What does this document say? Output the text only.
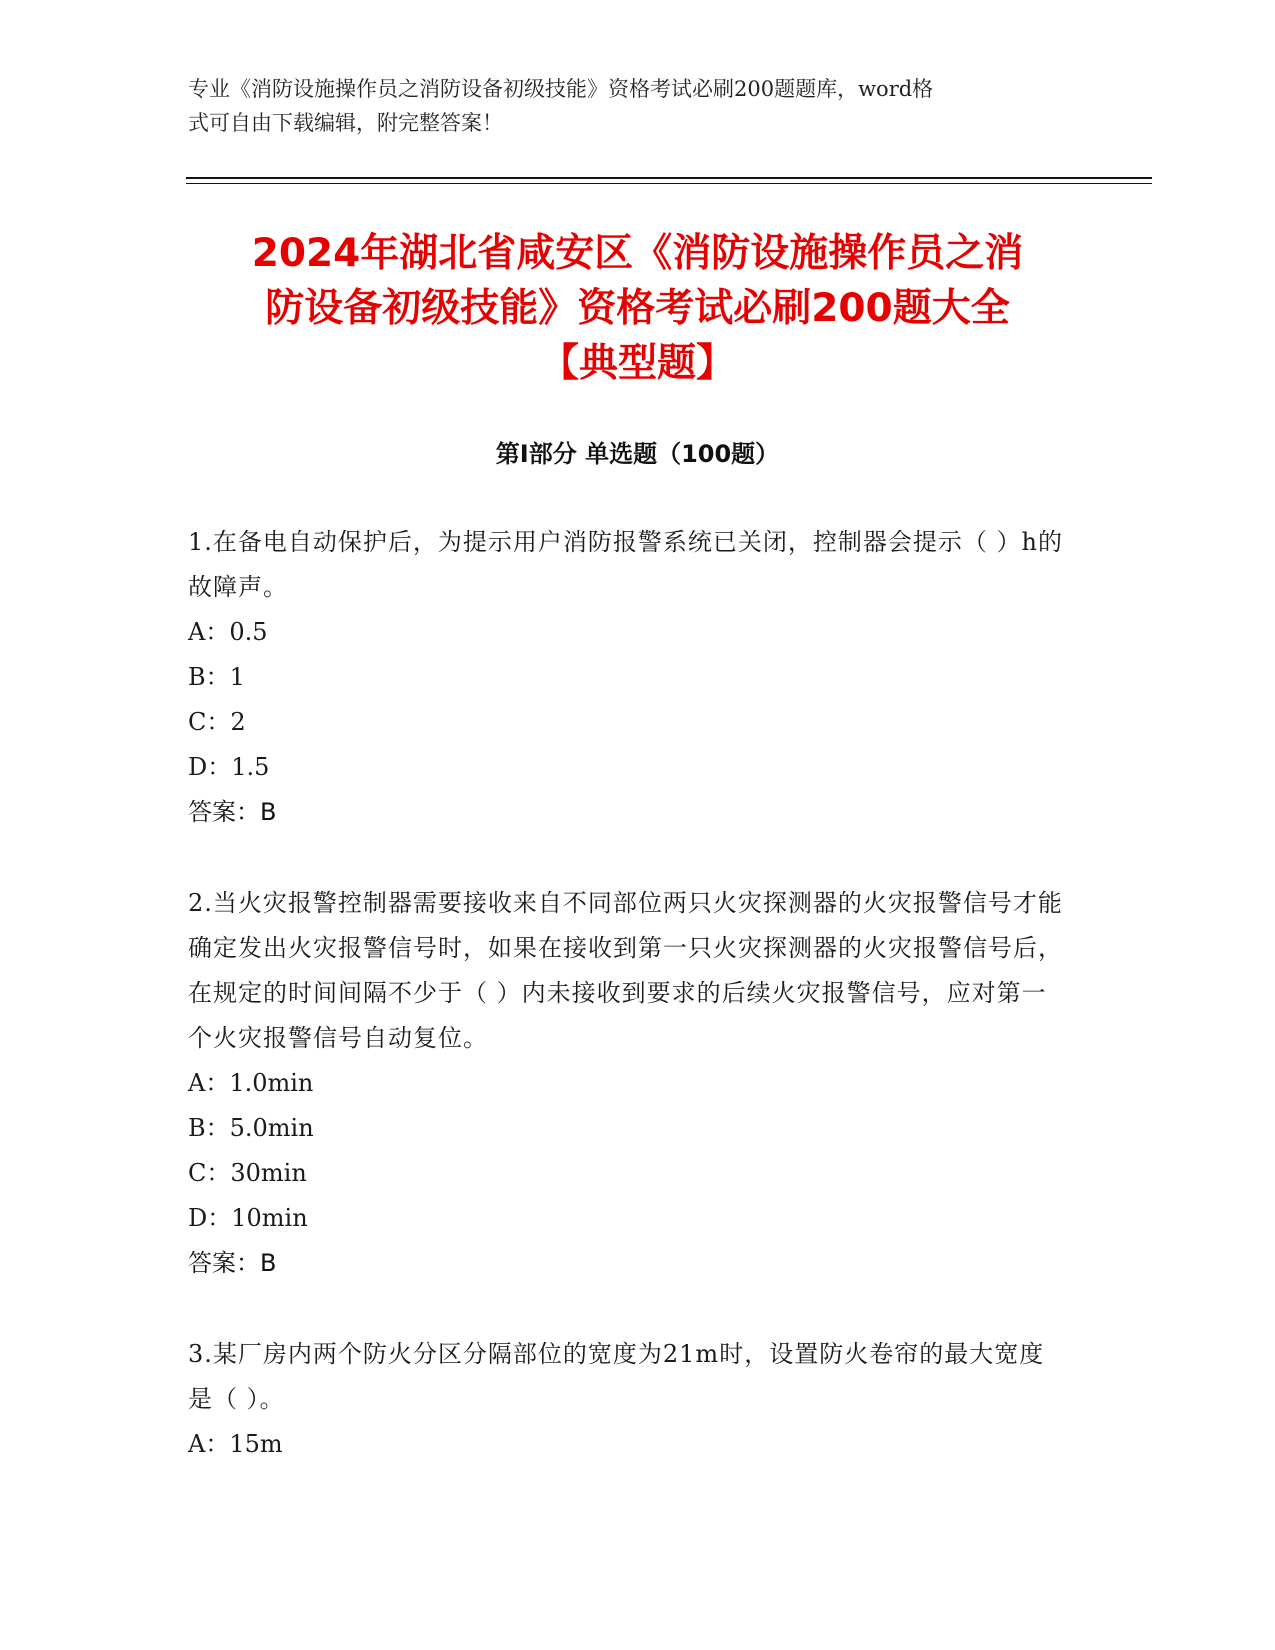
专业《消防设施操作员之消防设备初级技能》资格考试必刷200题题库，word格
式可自由下载编辑，附完整答案！
2024年湖北省咸安区《消防设施操作员之消
防设备初级技能》资格考试必刷200题大全
【典型题】
第I部分 单选题（100题）
1.在备电自动保护后，为提示用户消防报警系统已关闭，控制器会提示（ ）h的故障声。
A：0.5
B：1
C：2
D：1.5
答案：B
2.当火灾报警控制器需要接收来自不同部位两只火灾探测器的火灾报警信号才能确定发出火灾报警信号时，如果在接收到第一只火灾探测器的火灾报警信号后，在规定的时间间隔不少于（ ）内未接收到要求的后续火灾报警信号，应对第一个火灾报警信号自动复位。
A：1.0min
B：5.0min
C：30min
D：10min
答案：B
3.某厂房内两个防火分区分隔部位的宽度为21m时，设置防火卷帘的最大宽度是（ ）。
A：15m
